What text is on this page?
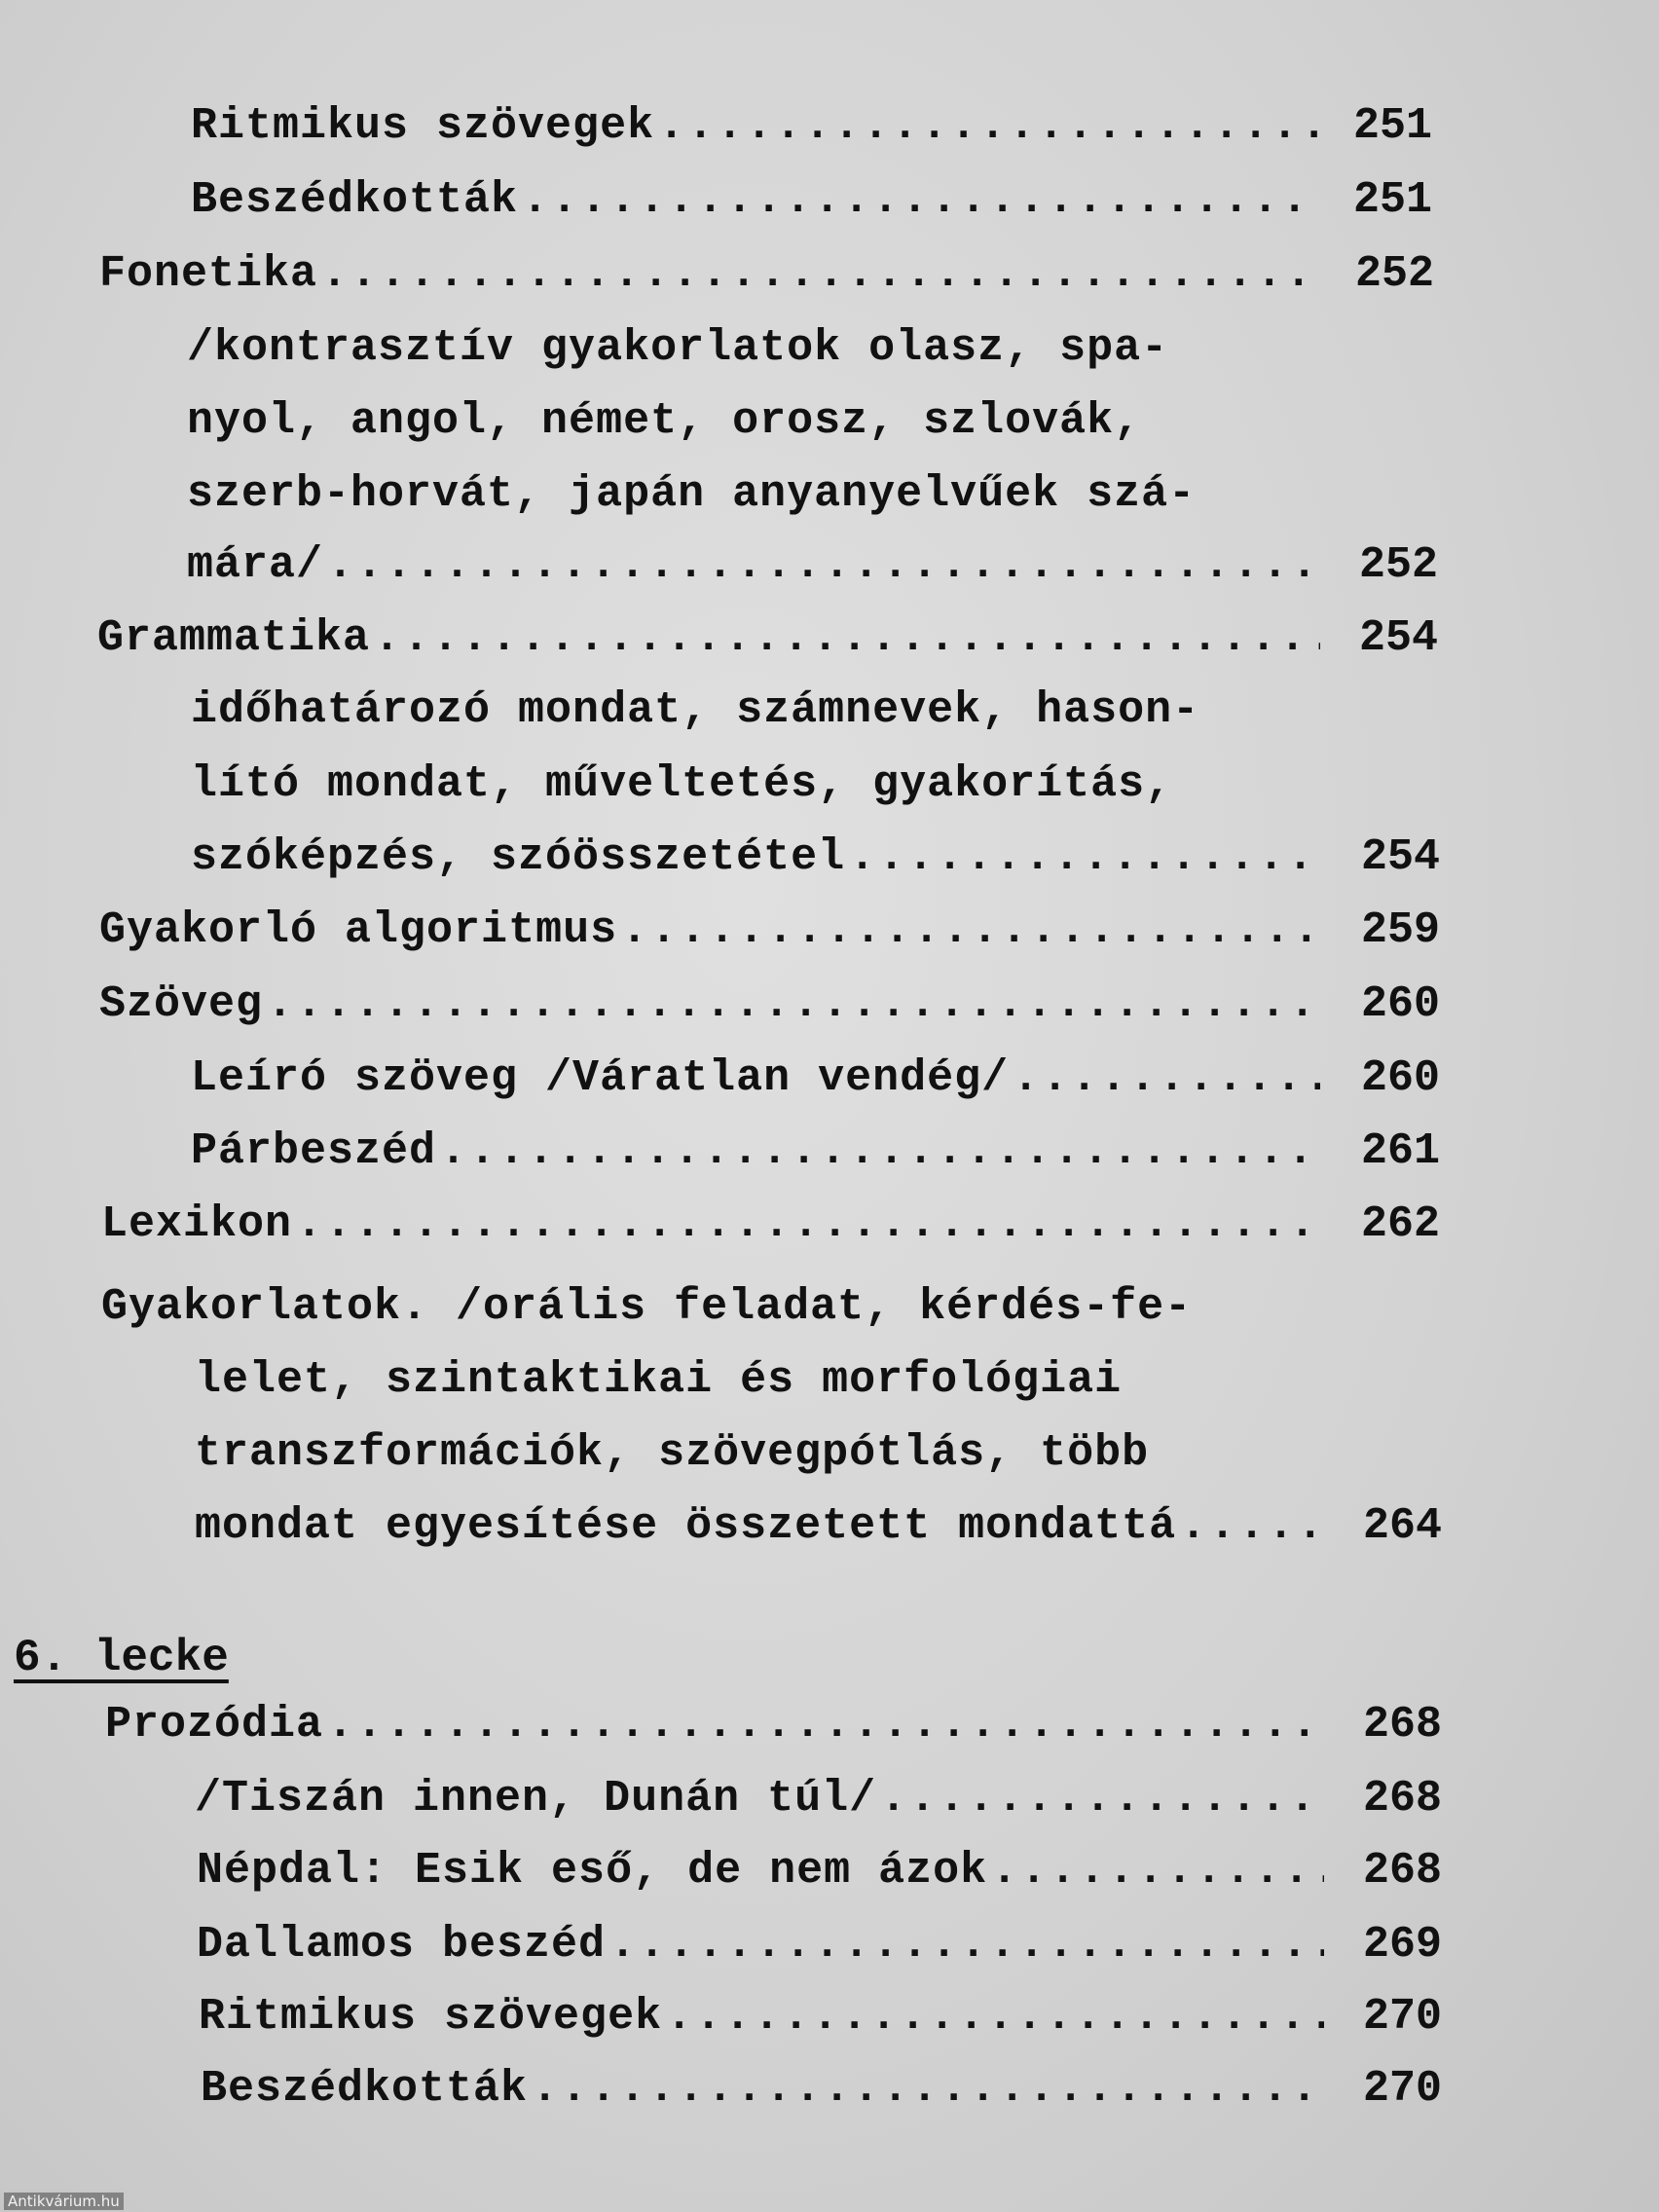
Ritmikus szövegek .....	251
Beszédkották .....	251
Fonetika .....	252
/kontrasztív gyakorlatok olasz, spa-
nyol, angol, német, orosz, szlovák,
szerb-horvát, japán anyanyelvűek szá-
mára/ .....	252
Grammatika .....	254
időhatározó mondat, számnevek, hason-
lító mondat, műveltetés, gyakorítás,
szóképzés, szóösszetétel .....	254
Gyakorló algoritmus .....	259
Szöveg .....	260
Leíró szöveg /Váratlan vendég/ .....	260
Párbeszéd .....	261
Lexikon .....	262
Gyakorlatok. /orális feladat, kérdés-fe-
lelet, szintaktikai és morfológiai
transzformációk, szövegpótlás, több
mondat egyesítése összetett mondattá .....	264
6. lecke
Prozódia .....	268
/Tiszán innen, Dunán túl/ .....	268
Népdal: Esik eső, de nem ázok .....	268
Dallamos beszéd .....	269
Ritmikus szövegek .....	270
Beszédkották .....	270
Antikvárium.hu
